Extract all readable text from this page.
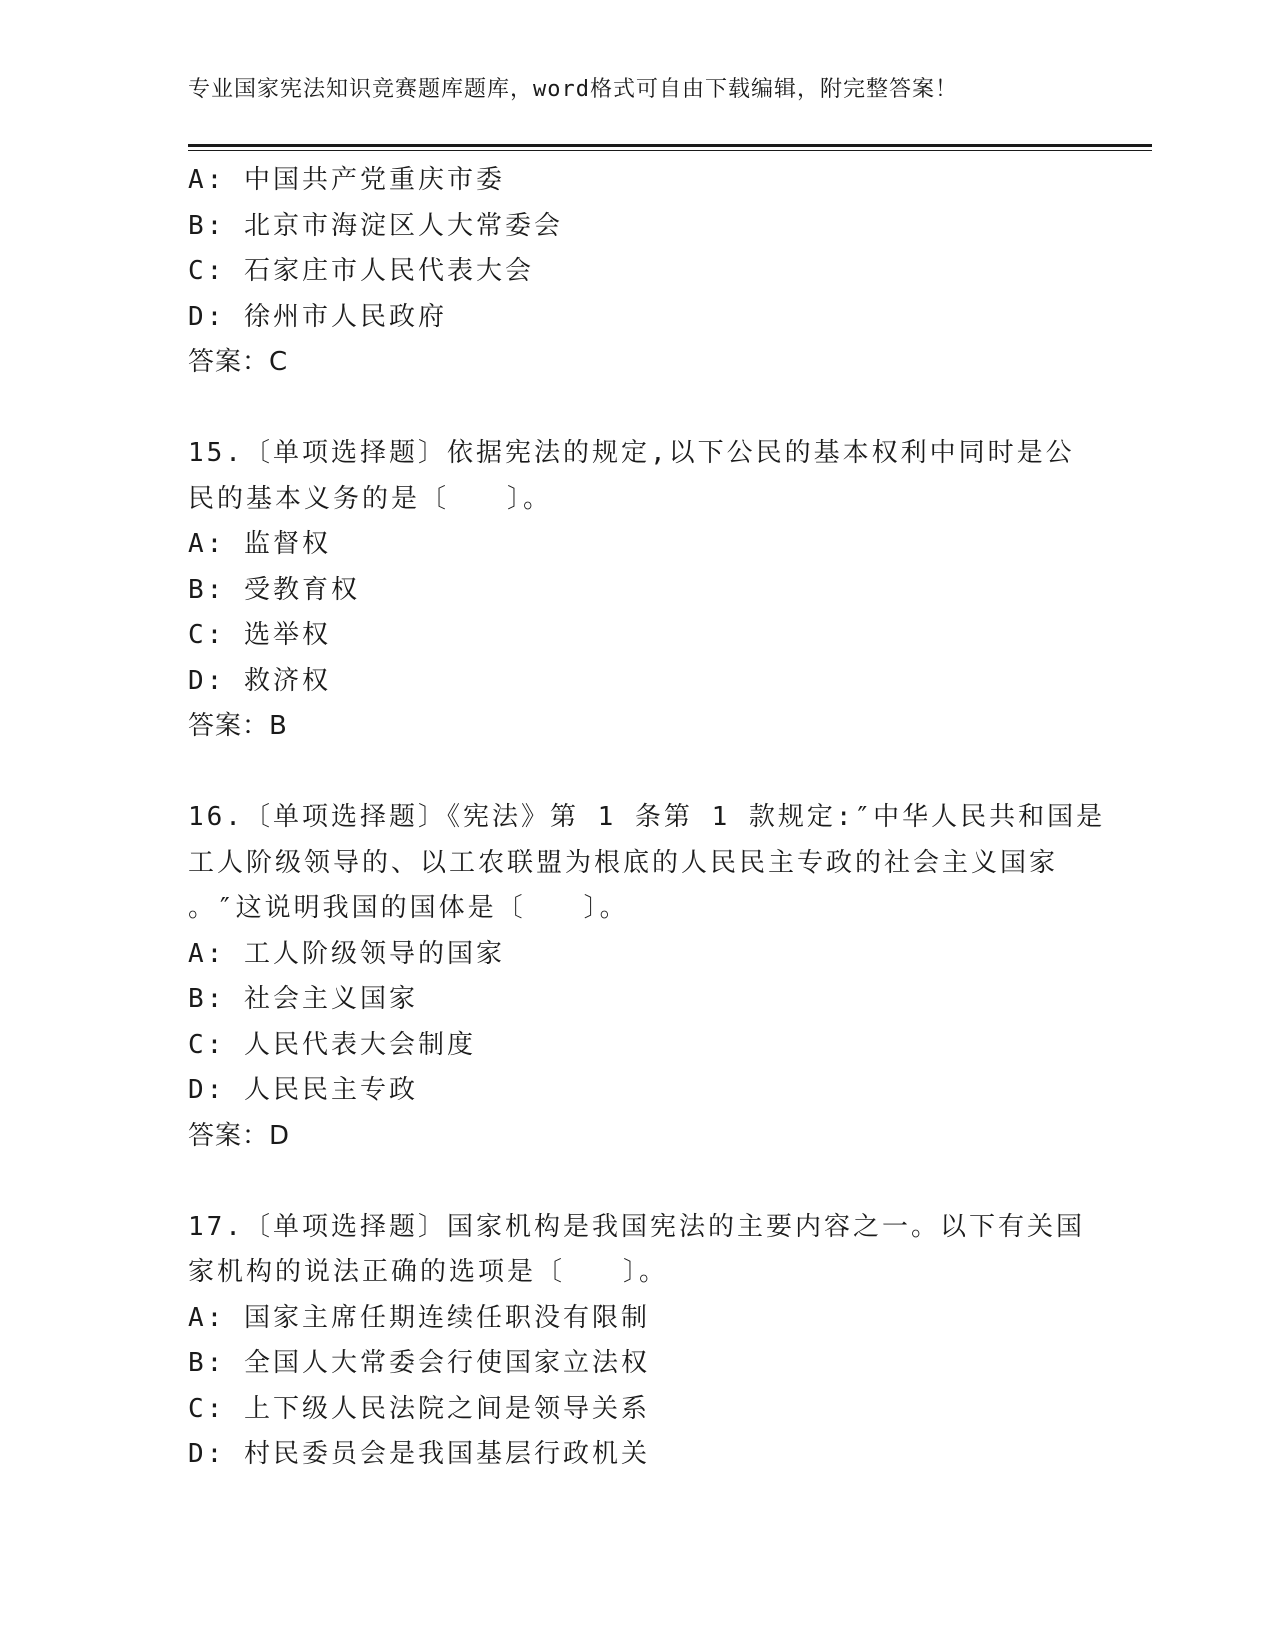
专业国家宪法知识竞赛题库题库，word格式可自由下载编辑，附完整答案！
A: 中国共产党重庆市委
B: 北京市海淀区人大常委会
C: 石家庄市人民代表大会
D: 徐州市人民政府
答案：C
15.〔单项选择题〕依据宪法的规定,以下公民的基本权利中同时是公
民的基本义务的是〔　　〕。
A: 监督权
B: 受教育权
C: 选举权
D: 救济权
答案：B
16.〔单项选择题〕《宪法》第 1 条第 1 款规定:″中华人民共和国是
工人阶级领导的、以工农联盟为根底的人民民主专政的社会主义国家
。″这说明我国的国体是〔　　〕。
A: 工人阶级领导的国家
B: 社会主义国家
C: 人民代表大会制度
D: 人民民主专政
答案：D
17.〔单项选择题〕国家机构是我国宪法的主要内容之一。以下有关国
家机构的说法正确的选项是〔　　〕。
A: 国家主席任期连续任职没有限制
B: 全国人大常委会行使国家立法权
C: 上下级人民法院之间是领导关系
D: 村民委员会是我国基层行政机关
